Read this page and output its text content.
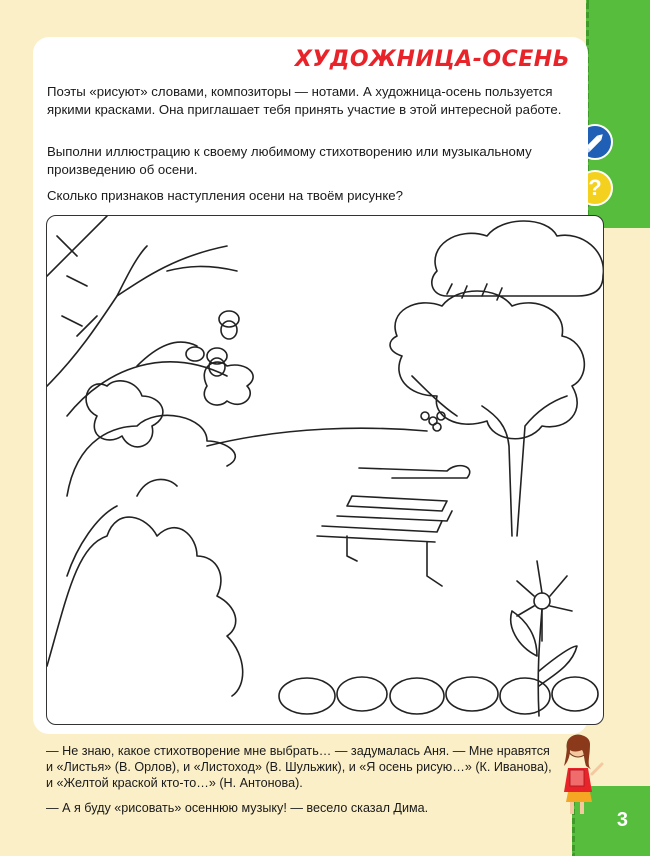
?
ХУДОЖНИЦА-ОСЕНЬ

Поэты «рисуют» словами, композиторы — нотами. А художница-осень пользуется яркими красками. Она приглашает тебя принять участие в этой интересной работе.

Выполни иллюстрацию к своему любимому стихотворению или музыкальному произведению об осени.

Сколько признаков наступления осени на твоём рисунке?

— Не знаю, какое стихотворение мне выбрать… — задумалась Аня. — Мне нравятся и «Листья» (В. Орлов), и «Листоход» (В. Шульжик), и «Я осень рисую…» (К. Иванова), и «Желтой краской кто-то…» (Н. Антонова).

— А я буду «рисовать» осеннюю музыку! — весело сказал Дима.

3
